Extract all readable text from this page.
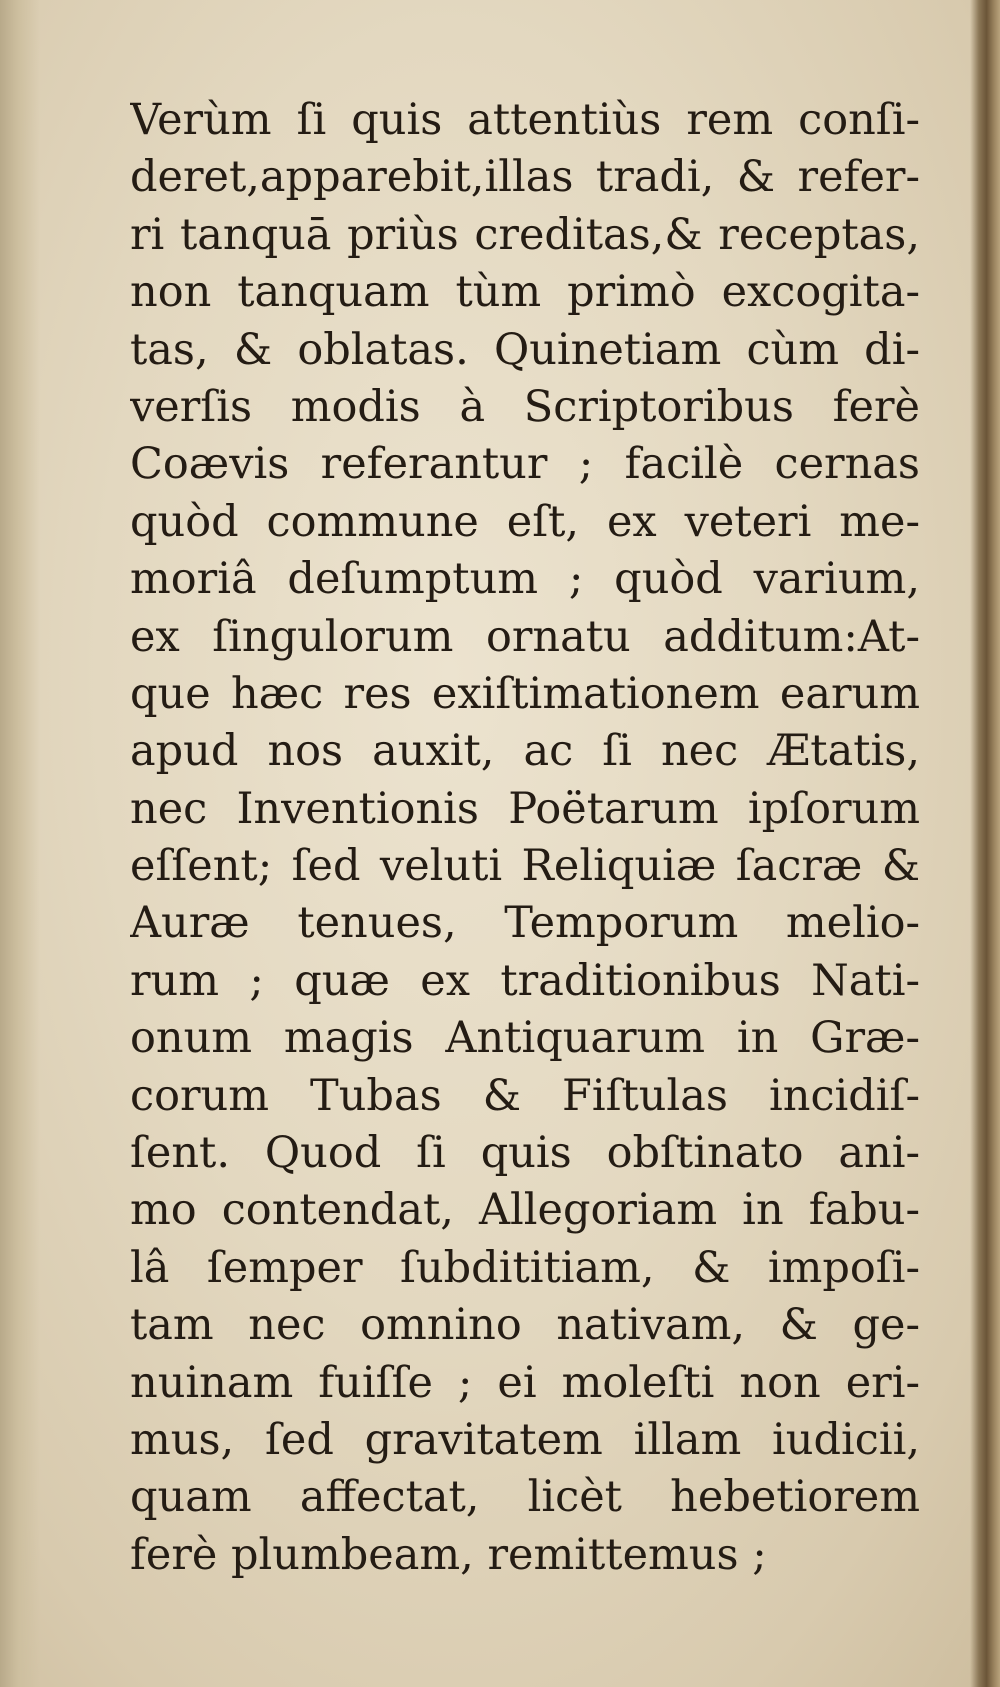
Verùm ſi quis attentiùs rem conſi-
deret,apparebit,illas tradi, & refer-
ri tanquā priùs creditas,& receptas,
non tanquam tùm primò excogita-
tas, & oblatas. Quinetiam cùm di-
verſis modis à Scriptoribus ferè
Coævis referantur ; facilè cernas
quòd commune eſt, ex veteri me-
moriâ deſumptum ; quòd varium,
ex ſingulorum ornatu additum:At-
que hæc res exiſtimationem earum
apud nos auxit, ac ſi nec Ætatis,
nec Inventionis Poëtarum ipſorum
eſſent; ſed veluti Reliquiæ ſacræ &
Auræ tenues, Temporum melio-
rum ; quæ ex traditionibus Nati-
onum magis Antiquarum in Græ-
corum Tubas & Fiſtulas incidiſ-
ſent. Quod ſi quis obſtinato ani-
mo contendat, Allegoriam in fabu-
lâ ſemper ſubdititiam, & impoſi-
tam nec omnino nativam, & ge-
nuinam fuiſſe ; ei moleſti non eri-
mus, ſed gravitatem illam iudicii,
quam affectat, licèt hebetiorem
ferè plumbeam, remittemus ;
